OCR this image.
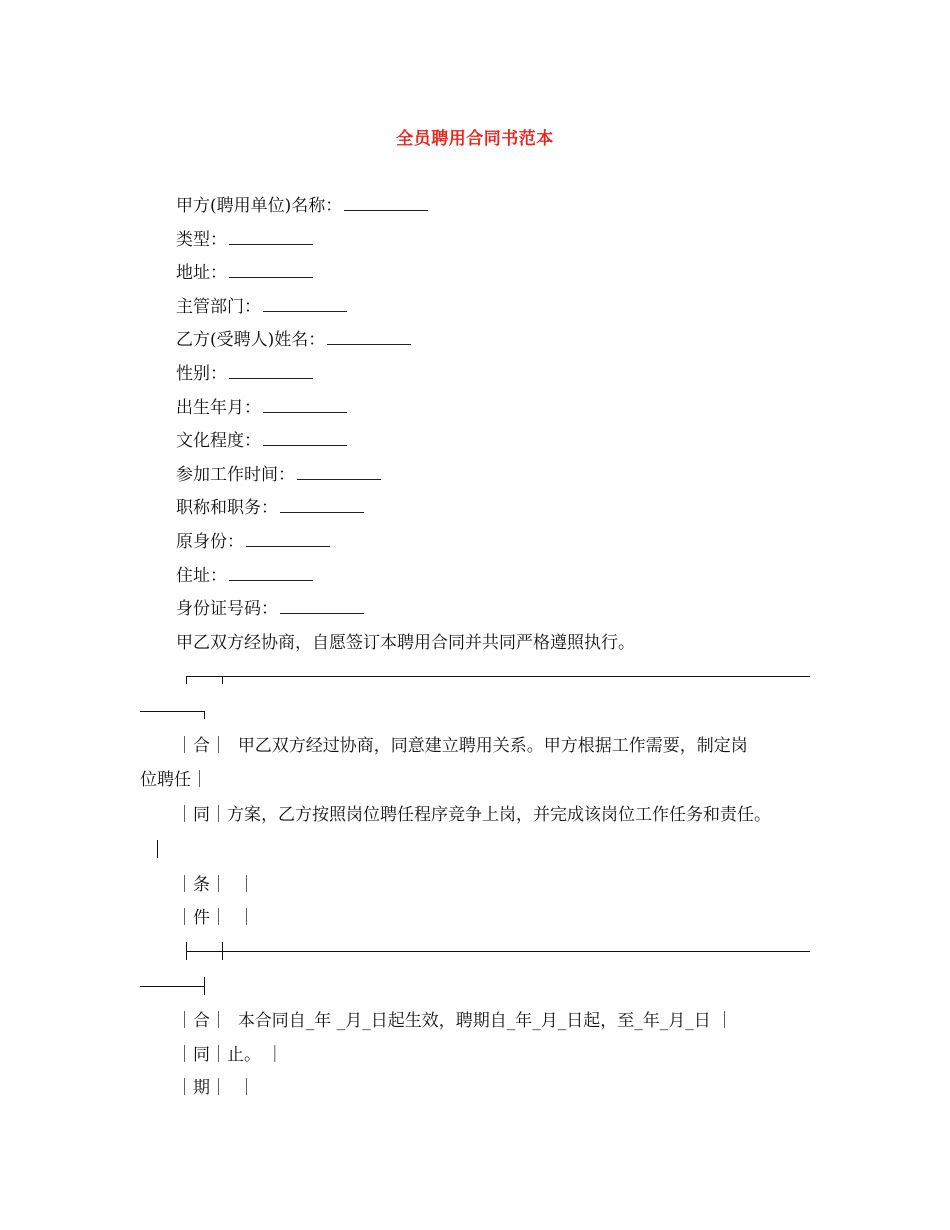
全员聘用合同书范本
甲方(聘用单位)名称：
类型：
地址：
主管部门：
乙方(受聘人)姓名：
性别：
出生年月：
文化程度：
参加工作时间：
职称和职务：
原身份：
住址：
身份证号码：
甲乙双方经协商，自愿签订本聘用合同并共同严格遵照执行。
｜合｜ 甲乙双方经过协商，同意建立聘用关系。甲方根据工作需要，制定岗
位聘任｜
｜同｜方案，乙方按照岗位聘任程序竞争上岗，并完成该岗位工作任务和责任。
｜条｜ ｜
｜件｜ ｜
｜合｜ 本合同自_年 _月_日起生效，聘期自_年_月_日起，至_年_月_日 ｜
｜同｜止。 ｜
｜期｜ ｜
